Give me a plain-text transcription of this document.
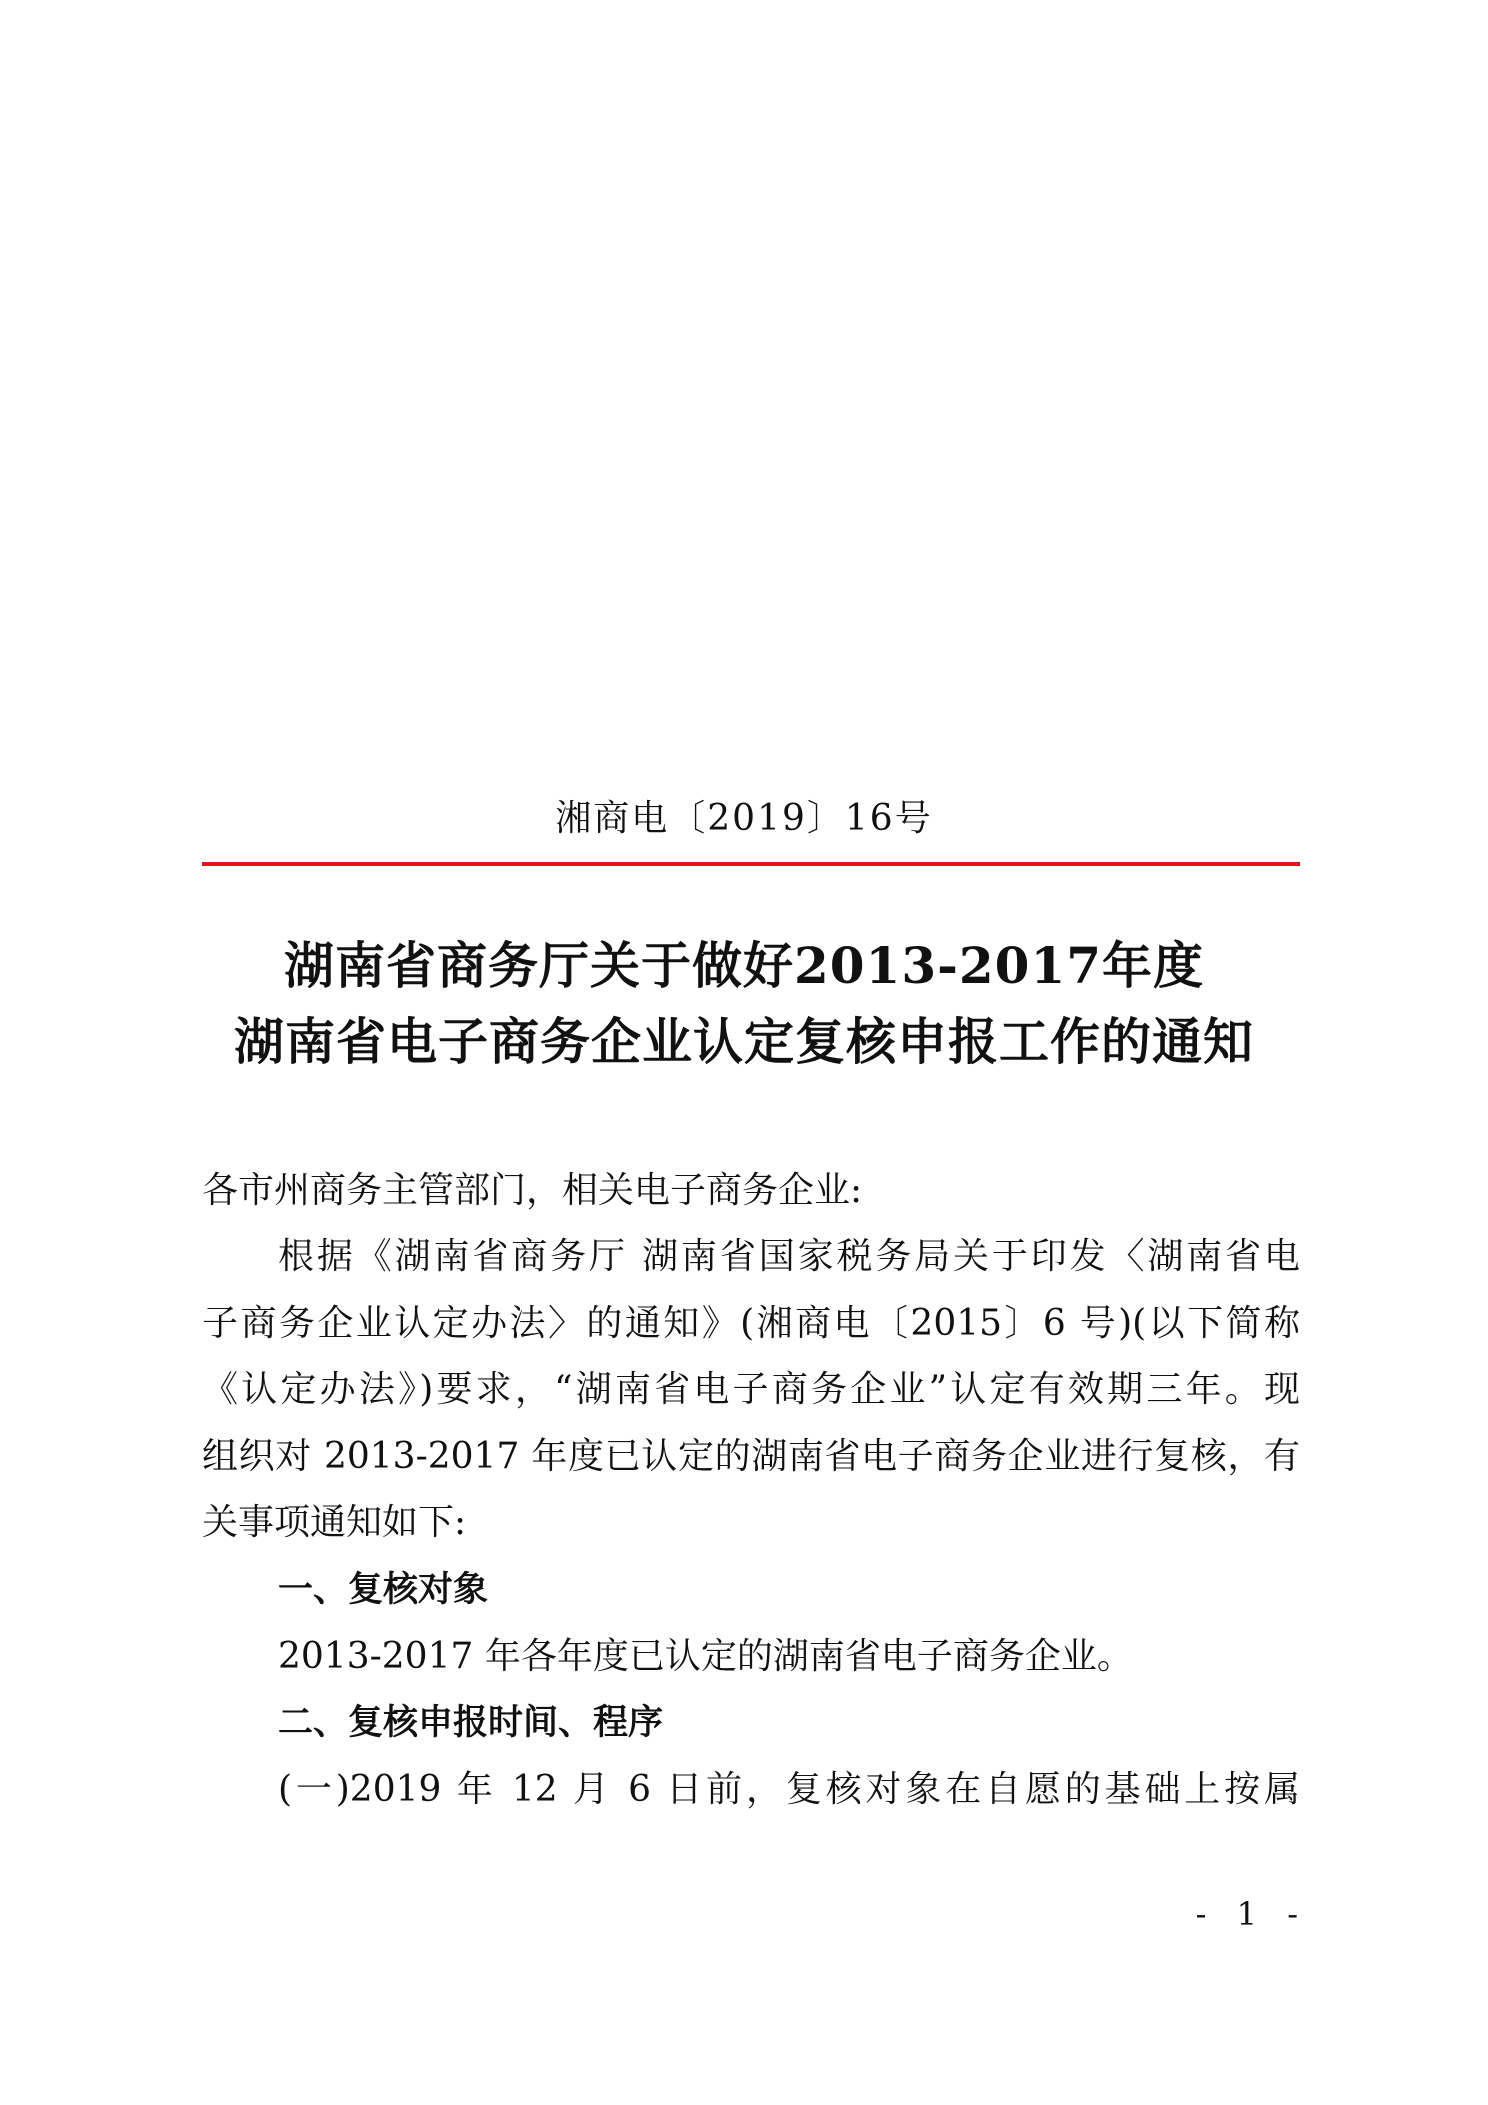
湘商电〔2019〕16号
湖南省商务厅关于做好2013-2017年度
湖南省电子商务企业认定复核申报工作的通知
各市州商务主管部门，相关电子商务企业:
根据《湖南省商务厅 湖南省国家税务局关于印发〈湖南省电
子商务企业认定办法〉的通知》(湘商电〔2015〕6 号)(以下简称
《认定办法》)要求，“湖南省电子商务企业”认定有效期三年。现
组织对 2013-2017 年度已认定的湖南省电子商务企业进行复核，有
关事项通知如下:
一、复核对象
2013-2017 年各年度已认定的湖南省电子商务企业。
二、复核申报时间、程序
(一)2019 年 12 月 6 日前，复核对象在自愿的基础上按属
- 1 -
